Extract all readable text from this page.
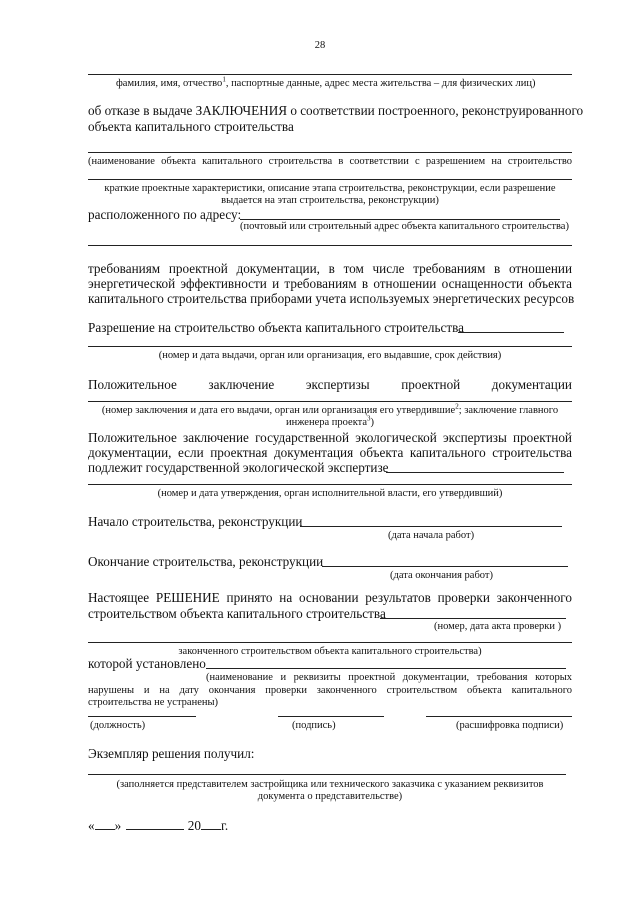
28
фамилия, имя, отчество$^1$, паспортные данные, адрес места жительства – для физических лиц)
об отказе в выдаче ЗАКЛЮЧЕНИЯ о соответствии построенного, реконструированного
объекта капитального строительства
(наименование объекта капитального строительства в соответствии с разрешением на строительство
краткие проектные характеристики, описание этапа строительства, реконструкции, если разрешение
выдается на этап строительства, реконструкции)
расположенного по адресу:
(почтовый или строительный адрес объекта капитального строительства)
требованиям проектной документации, в том числе требованиям в отношении
энергетической эффективности и требованиям в отношении оснащенности объекта
капитального строительства приборами учета используемых энергетических ресурсов
Разрешение на строительство объекта капитального строительства
(номер и дата выдачи, орган или организация, его выдавшие, срок действия)
Положительное заключение экспертизы проектной документации
(номер заключения и дата его выдачи, орган или организация его утвердившие$^2$; заключение главного
инженера проекта$^3$)
Положительное заключение государственной экологической экспертизы проектной
документации, если проектная документация объекта капитального строительства
подлежит государственной экологической экспертизе
(номер и дата утверждения, орган исполнительной власти, его утвердивший)
Начало строительства, реконструкции
(дата начала работ)
Окончание строительства, реконструкции
(дата окончания работ)
Настоящее РЕШЕНИЕ принято на основании результатов проверки законченного
строительством объекта капитального строительства
(номер, дата акта проверки )
законченного строительством объекта капитального строительства)
которой установлено
(наименование и реквизиты проектной документации, требования которых
нарушены и на дату окончания проверки законченного строительством объекта капитального
строительства не устранены)
(должность)	(подпись)	(расшифровка подписи)
Экземпляр решения получил:
(заполняется представителем застройщика или технического заказчика с указанием реквизитов
документа о представительстве)
« »	20 г.
